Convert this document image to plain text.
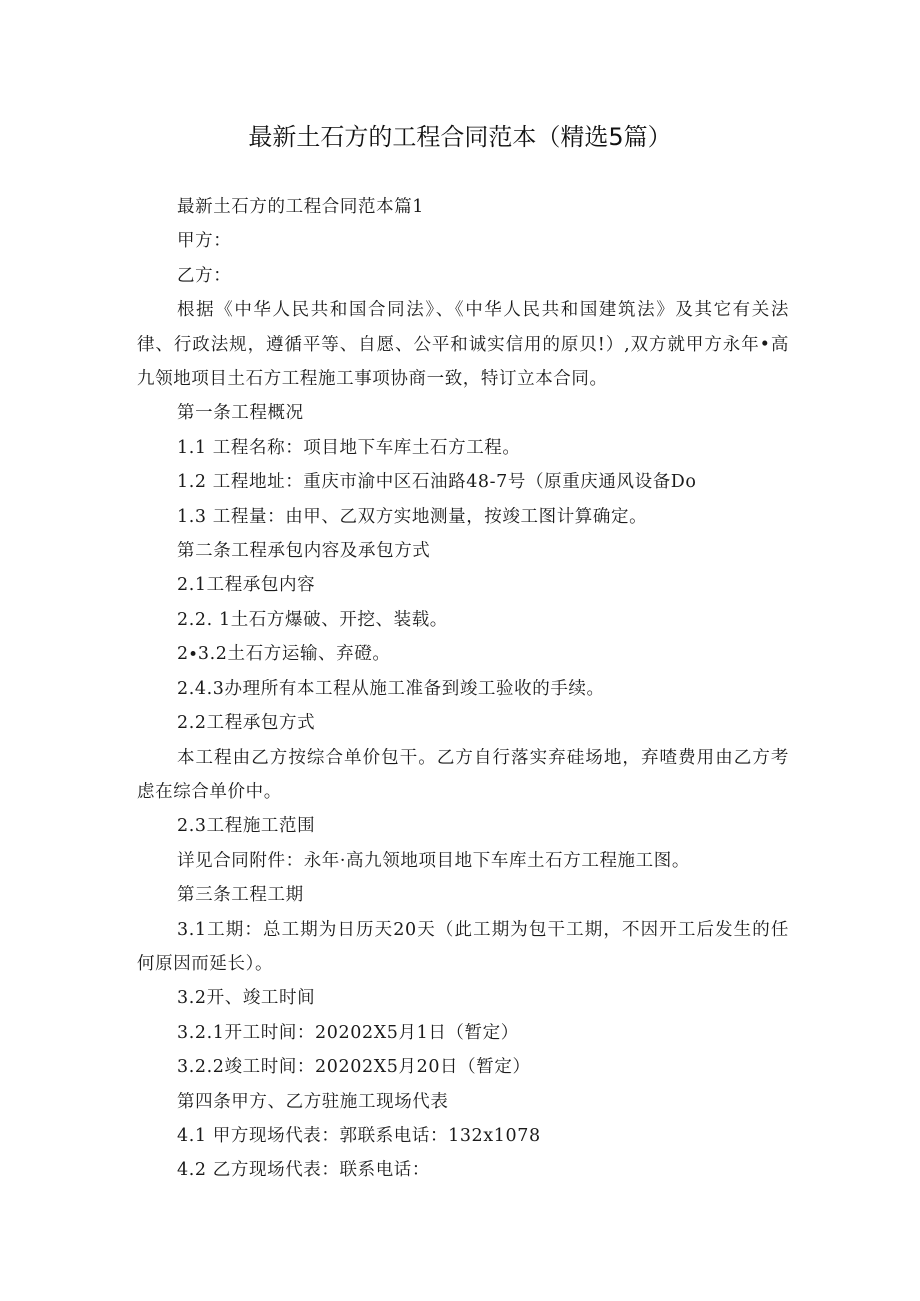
最新土石方的工程合同范本（精选5篇）

最新土石方的工程合同范本篇1

甲方：

乙方：

根据《中华人民共和国合同法》、《中华人民共和国建筑法》及其它有关法律、行政法规，遵循平等、自愿、公平和诚实信用的原贝!）,双方就甲方永年•高九领地项目土石方工程施工事项协商一致，特订立本合同。

第一条工程概况

1.1 工程名称：项目地下车库土石方工程。

1.2 工程地址：重庆市渝中区石油路48-7号（原重庆通风设备Do

1.3 工程量：由甲、乙双方实地测量，按竣工图计算确定。

第二条工程承包内容及承包方式

2.1工程承包内容

2.2. 1土石方爆破、开挖、装载。

2∙3.2土石方运输、弃磴。

2.4.3办理所有本工程从施工准备到竣工验收的手续。

2.2工程承包方式

本工程由乙方按综合单价包干。乙方自行落实弃硅场地，弃喳费用由乙方考虑在综合单价中。

2.3工程施工范围

详见合同附件：永年·高九领地项目地下车库土石方工程施工图。

第三条工程工期

3.1工期：总工期为日历天20天（此工期为包干工期，不因开工后发生的任何原因而延长）。

3.2开、竣工时间

3.2.1开工时间：20202X5月1日（暂定）

3.2.2竣工时间：20202X5月20日（暂定）

第四条甲方、乙方驻施工现场代表

4.1 甲方现场代表：郭联系电话：132x1078

4.2 乙方现场代表：联系电话：
